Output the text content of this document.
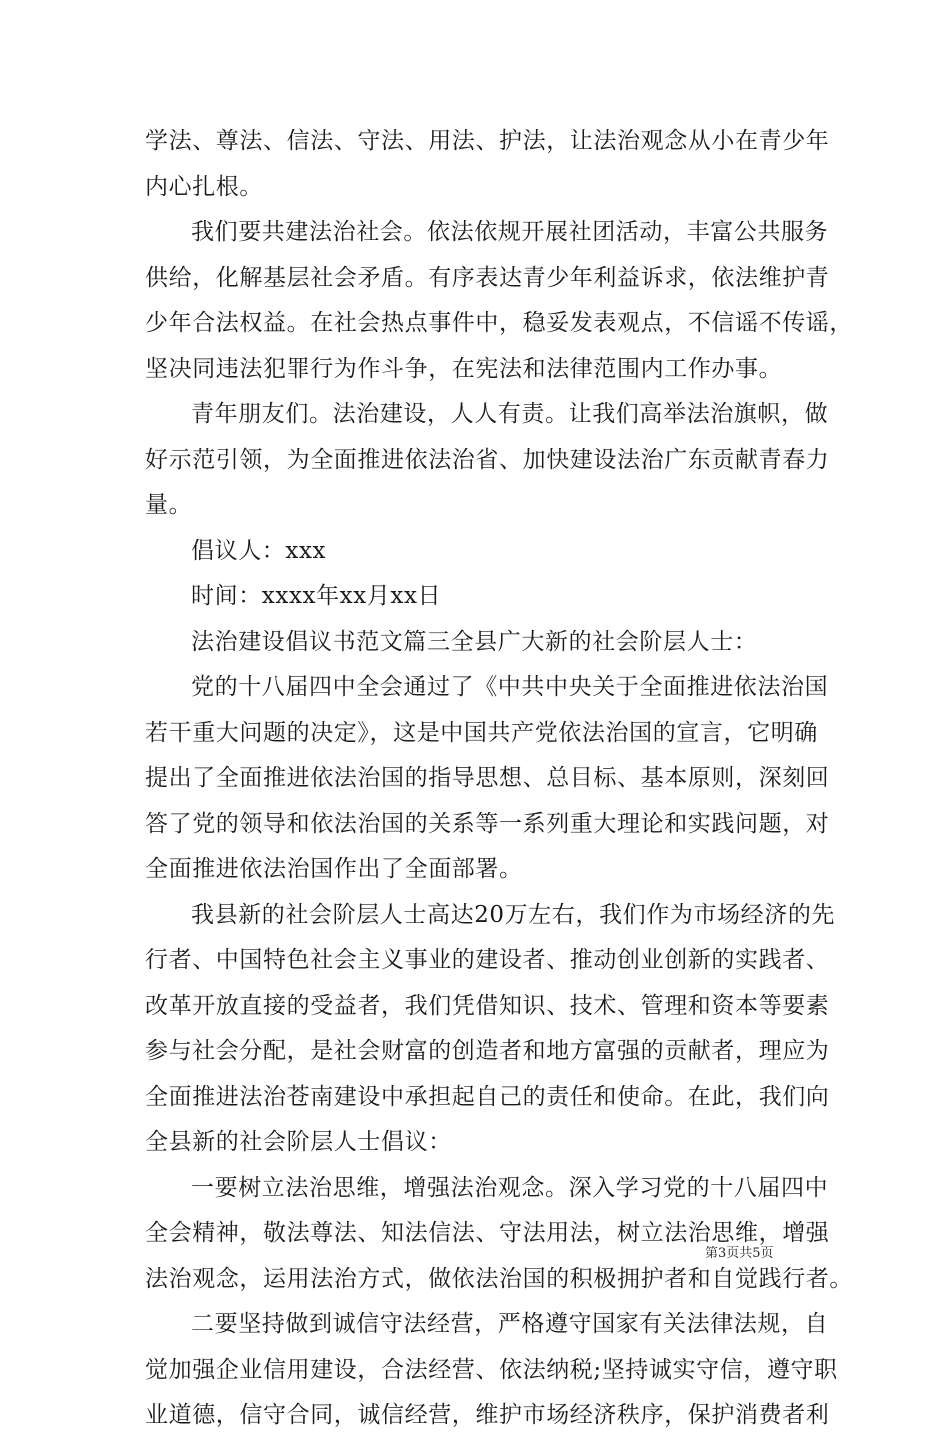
学法、尊法、信法、守法、用法、护法，让法治观念从小在青少年
内心扎根。
我们要共建法治社会。依法依规开展社团活动，丰富公共服务
供给，化解基层社会矛盾。有序表达青少年利益诉求，依法维护青
少年合法权益。在社会热点事件中，稳妥发表观点，不信谣不传谣，
坚决同违法犯罪行为作斗争，在宪法和法律范围内工作办事。
青年朋友们。法治建设，人人有责。让我们高举法治旗帜，做
好示范引领，为全面推进依法治省、加快建设法治广东贡献青春力
量。
倡议人：xxx
时间：xxxx年xx月xx日
法治建设倡议书范文篇三全县广大新的社会阶层人士：
党的十八届四中全会通过了《中共中央关于全面推进依法治国
若干重大问题的决定》，这是中国共产党依法治国的宣言，它明确
提出了全面推进依法治国的指导思想、总目标、基本原则，深刻回
答了党的领导和依法治国的关系等一系列重大理论和实践问题，对
全面推进依法治国作出了全面部署。
我县新的社会阶层人士高达20万左右，我们作为市场经济的先
行者、中国特色社会主义事业的建设者、推动创业创新的实践者、
改革开放直接的受益者，我们凭借知识、技术、管理和资本等要素
参与社会分配，是社会财富的创造者和地方富强的贡献者，理应为
全面推进法治苍南建设中承担起自己的责任和使命。在此，我们向
全县新的社会阶层人士倡议：
一要树立法治思维，增强法治观念。深入学习党的十八届四中
全会精神，敬法尊法、知法信法、守法用法，树立法治思维，增强
法治观念，运用法治方式，做依法治国的积极拥护者和自觉践行者。
二要坚持做到诚信守法经营，严格遵守国家有关法律法规，自
觉加强企业信用建设，合法经营、依法纳税;坚持诚实守信，遵守职
业道德，信守合同，诚信经营，维护市场经济秩序，保护消费者利
第3页共5页
